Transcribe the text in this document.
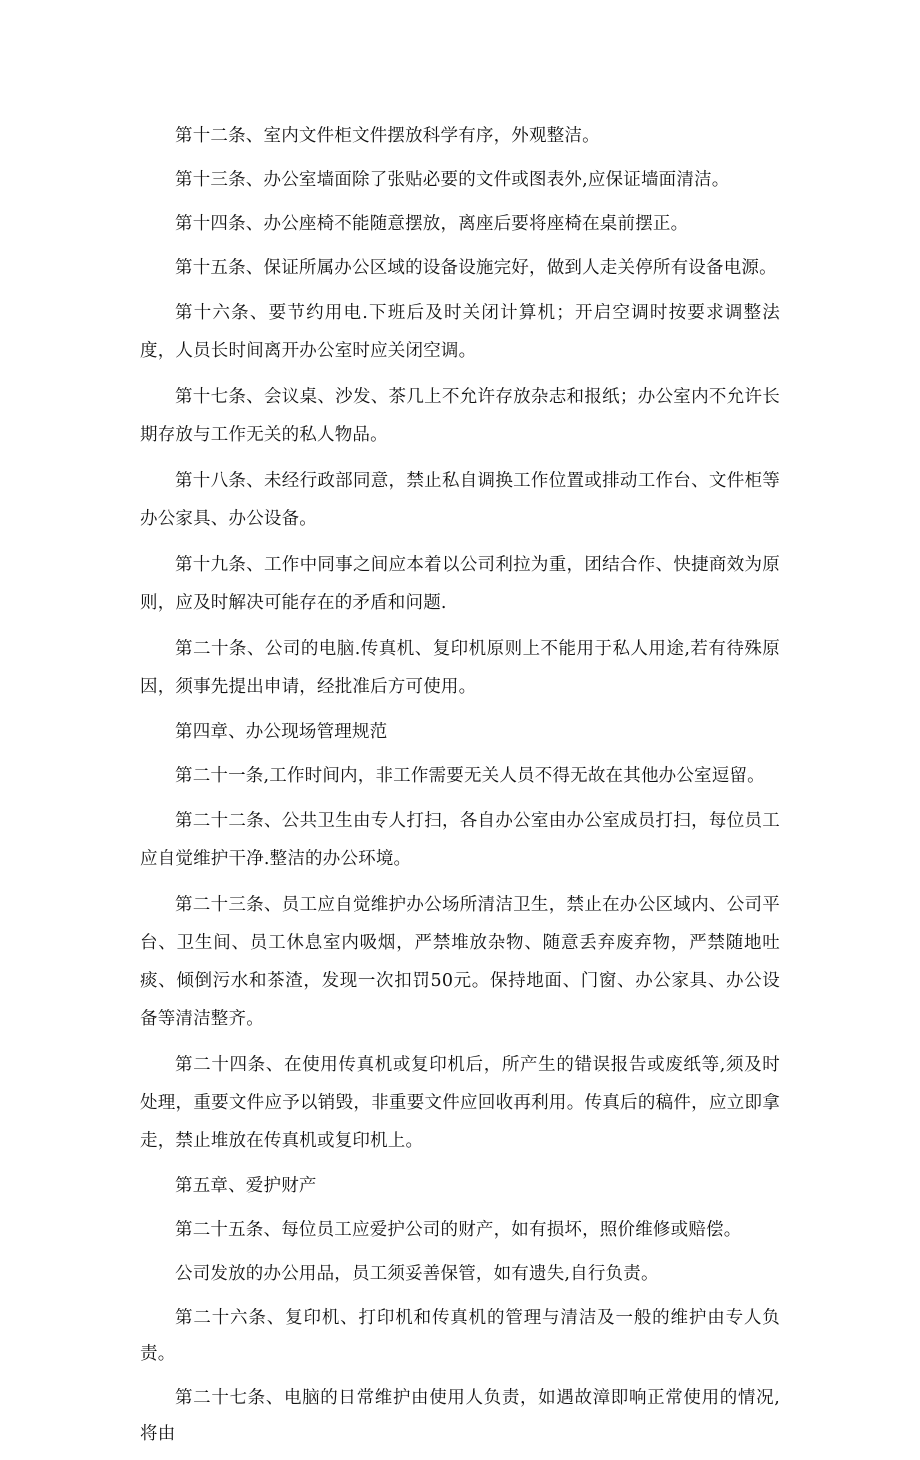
第十二条、室内文件柜文件摆放科学有序，外观整洁。

第十三条、办公室墙面除了张贴必要的文件或图表外,应保证墙面清洁。

第十四条、办公座椅不能随意摆放，离座后要将座椅在桌前摆正。

第十五条、保证所属办公区域的设备设施完好，做到人走关停所有设备电源。

第十六条、要节约用电.下班后及时关闭计算机；开启空调时按要求调整法度，人员长时间离开办公室时应关闭空调。

第十七条、会议桌、沙发、茶几上不允许存放杂志和报纸；办公室内不允许长期存放与工作无关的私人物品。

第十八条、未经行政部同意，禁止私自调换工作位置或排动工作台、文件柜等办公家具、办公设备。

第十九条、工作中同事之间应本着以公司利拉为重，团结合作、快捷商效为原则，应及时解决可能存在的矛盾和问题.

第二十条、公司的电脑.传真机、复印机原则上不能用于私人用途,若有待殊原因，须事先提出申请，经批准后方可使用。

第四章、办公现场管理规范

第二十一条,工作时间内，非工作需要无关人员不得无故在其他办公室逗留。

第二十二条、公共卫生由专人打扫，各自办公室由办公室成员打扫，每位员工应自觉维护干净.整洁的办公环境。

第二十三条、员工应自觉维护办公场所清洁卫生，禁止在办公区域内、公司平台、卫生间、员工休息室内吸烟，严禁堆放杂物、随意丢弃废弃物，严禁随地吐痰、倾倒污水和茶渣，发现一次扣罚50元。保持地面、门窗、办公家具、办公设备等清洁整齐。

第二十四条、在使用传真机或复印机后，所产生的错误报告或废纸等,须及时处理，重要文件应予以销毁，非重要文件应回收再利用。传真后的稿件，应立即拿走，禁止堆放在传真机或复印机上。

第五章、爱护财产

第二十五条、每位员工应爱护公司的财产，如有损坏，照价维修或赔偿。

公司发放的办公用品，员工须妥善保管，如有遗失,自行负责。

第二十六条、复印机、打印机和传真机的管理与清洁及一般的维护由专人负责。

第二十七条、电脑的日常维护由使用人负责，如遇故漳即响正常使用的情况,将由
